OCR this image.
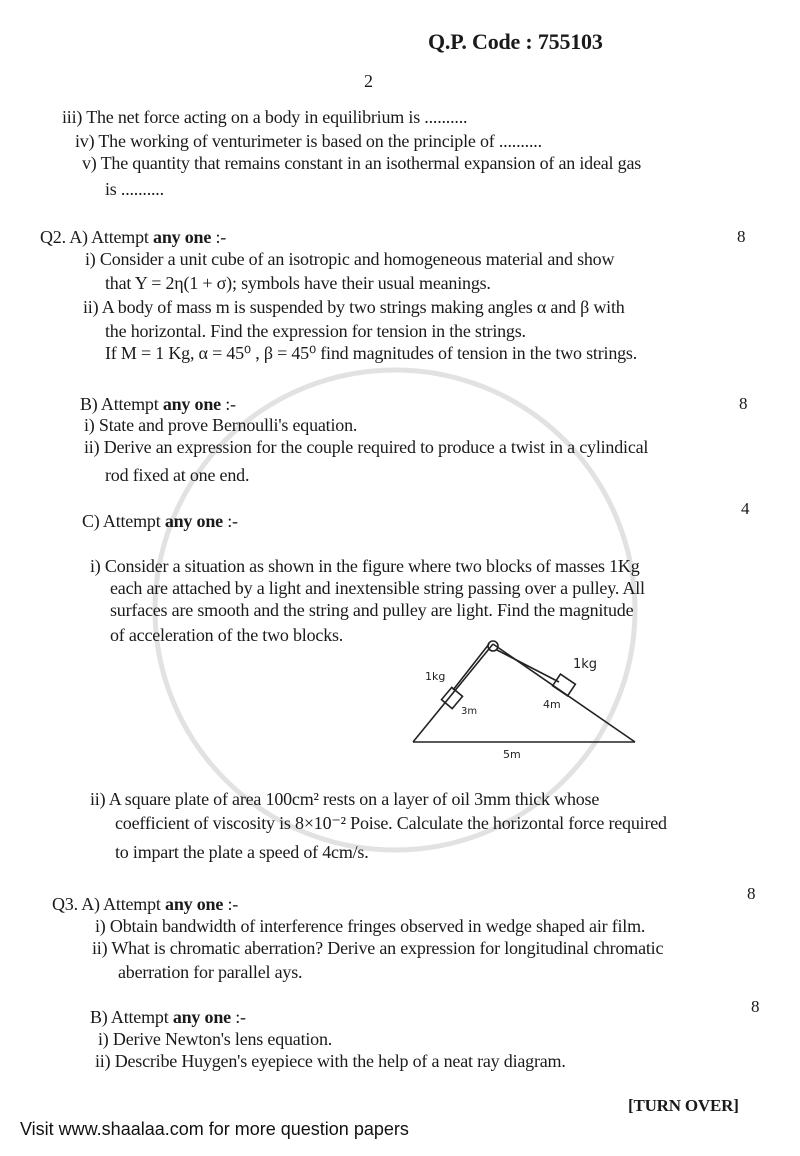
Q.P. Code : 755103
2
iii) The net force acting on a body in equilibrium is ..........
iv) The working of venturimeter is based on the principle of ..........
v) The quantity that remains constant in an isothermal expansion of an ideal gas
is ..........
Q2. A) Attempt any one :-	8
i) Consider a unit cube of an isotropic and homogeneous material and show
that Y = 2η(1 + σ); symbols have their usual meanings.
ii) A body of mass m is suspended by two strings making angles α and β with
the horizontal. Find the expression for tension in the strings.
If M = 1 Kg, α = 45⁰ , β = 45⁰ find magnitudes of tension in the two strings.
B) Attempt any one :-	8
i) State and prove Bernoulli's equation.
ii) Derive an expression for the couple required to produce a twist in a cylindical
rod fixed at one end.
C) Attempt any one :-
4
i) Consider a situation as shown in the figure where two blocks of masses 1Kg
each are attached by a light and inextensible string passing over a pulley. All
surfaces are smooth and the string and pulley are light. Find the magnitude
of acceleration of the two blocks.
1kg
1kg
3m
4m
5m
ii) A square plate of area 100cm² rests on a layer of oil 3mm thick whose
coefficient of viscosity is 8×10⁻² Poise. Calculate the horizontal force required
to impart the plate a speed of 4cm/s.
Q3. A) Attempt any one :-
8
i) Obtain bandwidth of interference fringes observed in wedge shaped air film.
ii) What is chromatic aberration? Derive an expression for longitudinal chromatic
aberration for parallel ays.
B) Attempt any one :-
8
i) Derive Newton's lens equation.
ii) Describe Huygen's eyepiece with the help of a neat ray diagram.
[TURN OVER]
Visit www.shaalaa.com for more question papers
